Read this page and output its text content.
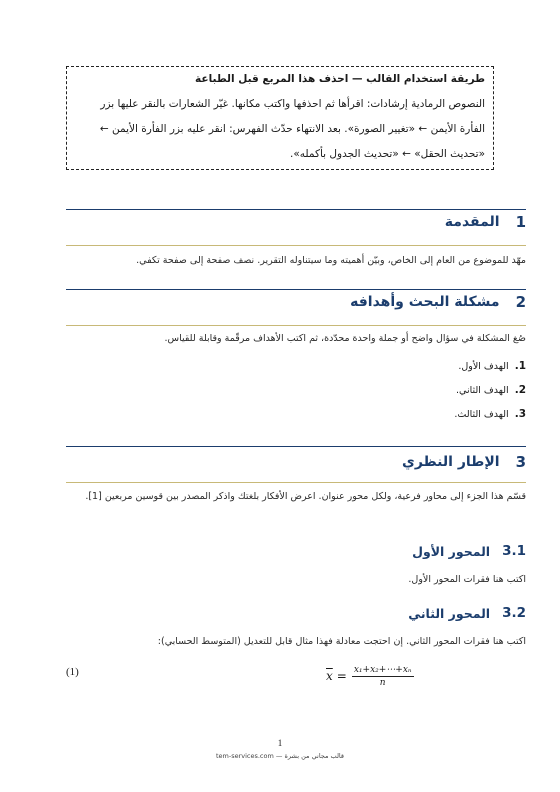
طريقة استخدام القالب — احذف هذا المربع قبل الطباعة

النصوص الرمادية إرشادات: اقرأها ثم احذفها واكتب مكانها. غيّر الشعارات بالنقر عليها بزر الفأرة الأيمن ← «تغيير الصورة». بعد الانتهاء حدّث الفهرس: انقر عليه بزر الفأرة الأيمن ← «تحديث الحقل» ← «تحديث الجدول بأكمله».

1
المقدمة

مهّد للموضوع من العام إلى الخاص، وبيّن أهميته وما سيتناوله التقرير. نصف صفحة إلى صفحة تكفي.

2
مشكلة البحث وأهدافه

صُغ المشكلة في سؤال واضح أو جملة واحدة محدّدة، ثم اكتب الأهداف مرقّمة وقابلة للقياس.

1.
الهدف الأول.
2.
الهدف الثاني.
3.
الهدف الثالث.
3
الإطار النظري

قسّم هذا الجزء إلى محاور فرعية، ولكل محور عنوان. اعرض الأفكار بلغتك واذكر المصدر بين قوسين مربعين [1].

3.1
المحور الأول

اكتب هنا فقرات المحور الأول.

3.2
المحور الثاني

اكتب هنا فقرات المحور الثاني. إن احتجت معادلة فهذا مثال قابل للتعديل (المتوسط الحسابي):

(1)	$\overline{x} = \frac{\text{x₁+x₂+⋯+xₙ}}{n}$
1
قالب مجاني من بشرة — tem-services.com
